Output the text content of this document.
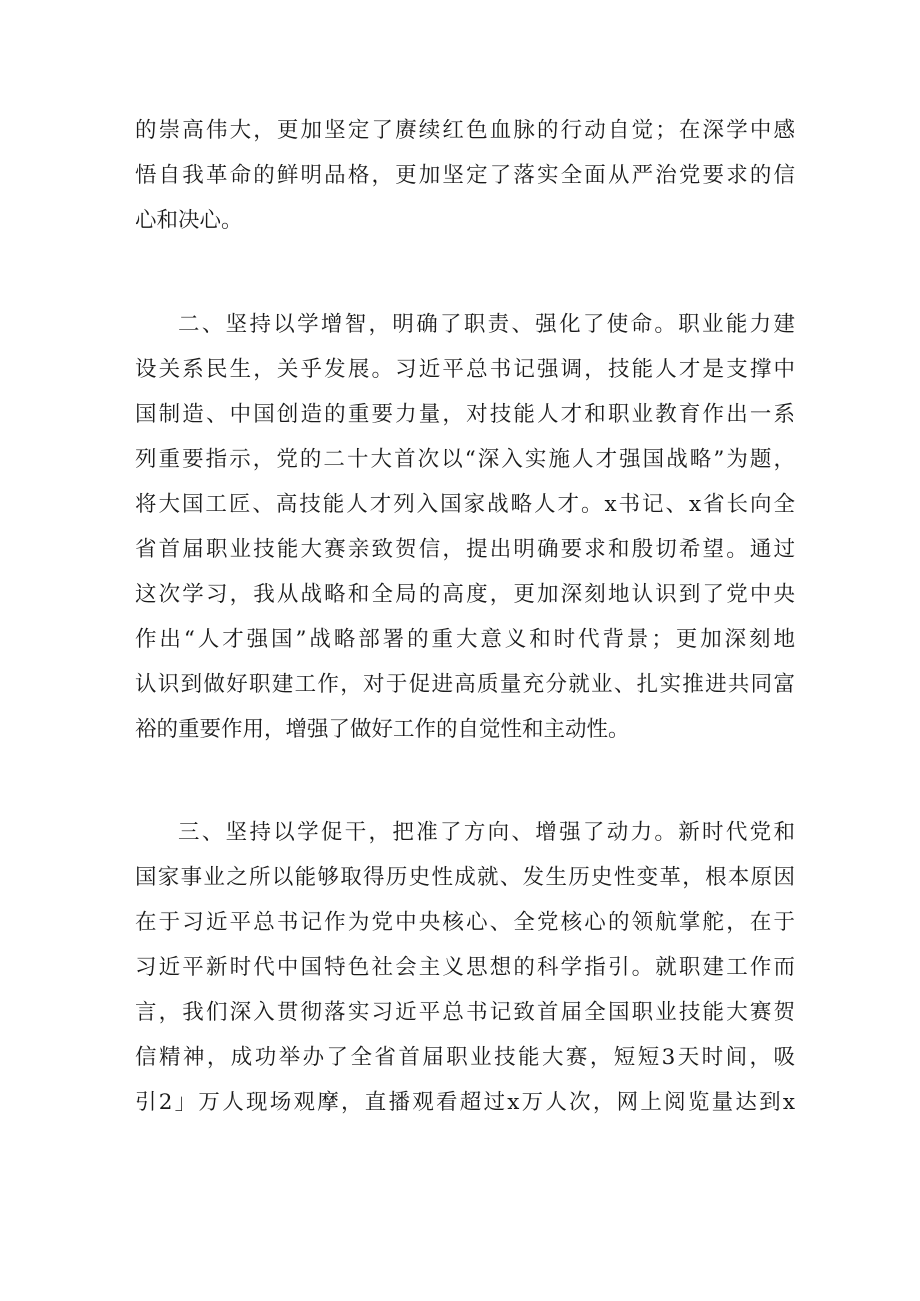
的崇高伟大，更加坚定了赓续红色血脉的行动自觉；在深学中感
悟自我革命的鲜明品格，更加坚定了落实全面从严治党要求的信
心和决心。
二、坚持以学增智，明确了职责、强化了使命。职业能力建
设关系民生，关乎发展。习近平总书记强调，技能人才是支撑中
国制造、中国创造的重要力量，对技能人才和职业教育作出一系
列重要指示，党的二十大首次以“深入实施人才强国战略”为题，
将大国工匠、高技能人才列入国家战略人才。x书记、x省长向全
省首届职业技能大赛亲致贺信，提出明确要求和殷切希望。通过
这次学习，我从战略和全局的高度，更加深刻地认识到了党中央
作出“人才强国”战略部署的重大意义和时代背景；更加深刻地
认识到做好职建工作，对于促进高质量充分就业、扎实推进共同富
裕的重要作用，增强了做好工作的自觉性和主动性。
三、坚持以学促干，把准了方向、增强了动力。新时代党和
国家事业之所以能够取得历史性成就、发生历史性变革，根本原因
在于习近平总书记作为党中央核心、全党核心的领航掌舵，在于
习近平新时代中国特色社会主义思想的科学指引。就职建工作而
言，我们深入贯彻落实习近平总书记致首届全国职业技能大赛贺
信精神，成功举办了全省首届职业技能大赛，短短3天时间，吸
引2」万人现场观摩，直播观看超过x万人次，网上阅览量达到x
